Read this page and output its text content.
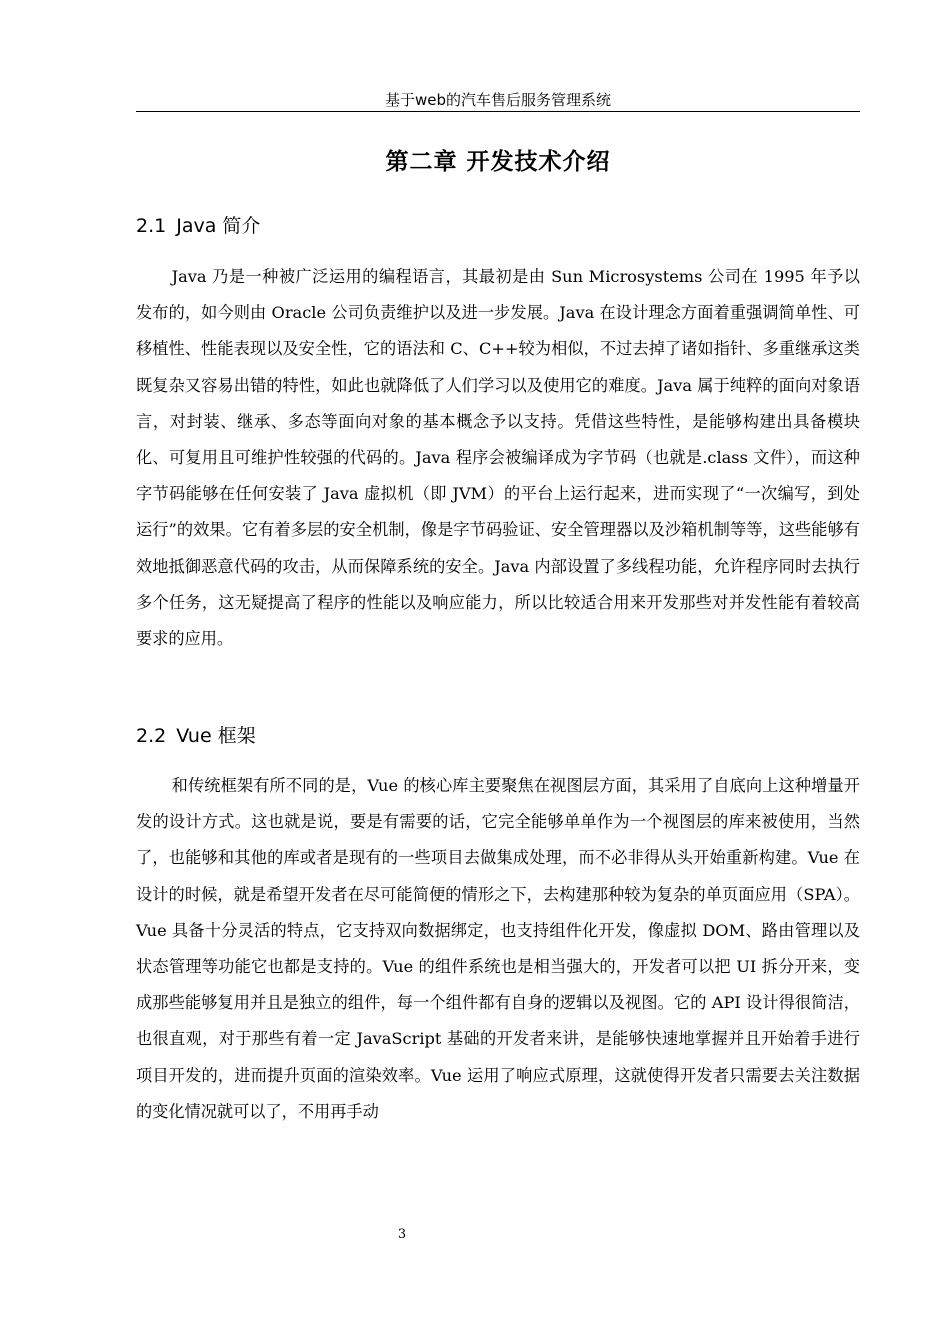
基于web的汽车售后服务管理系统
第二章 开发技术介绍
2.1 Java 简介

Java 乃是一种被广泛运用的编程语言，其最初是由 Sun Microsystems 公司在 1995 年予以发布的，如今则由 Oracle 公司负责维护以及进一步发展。Java 在设计理念方面着重强调简单性、可移植性、性能表现以及安全性，它的语法和 C、C++较为相似，不过去掉了诸如指针、多重继承这类既复杂又容易出错的特性，如此也就降低了人们学习以及使用它的难度。Java 属于纯粹的面向对象语言，对封装、继承、多态等面向对象的基本概念予以支持。凭借这些特性，是能够构建出具备模块化、可复用且可维护性较强的代码的。Java 程序会被编译成为字节码（也就是.class 文件），而这种字节码能够在任何安装了 Java 虚拟机（即 JVM）的平台上运行起来，进而实现了“一次编写，到处运行”的效果。它有着多层的安全机制，像是字节码验证、安全管理器以及沙箱机制等等，这些能够有效地抵御恶意代码的攻击，从而保障系统的安全。Java 内部设置了多线程功能，允许程序同时去执行多个任务，这无疑提高了程序的性能以及响应能力，所以比较适合用来开发那些对并发性能有着较高要求的应用。

2.2 Vue 框架

和传统框架有所不同的是，Vue 的核心库主要聚焦在视图层方面，其采用了自底向上这种增量开发的设计方式。这也就是说，要是有需要的话，它完全能够单单作为一个视图层的库来被使用，当然了，也能够和其他的库或者是现有的一些项目去做集成处理，而不必非得从头开始重新构建。Vue 在设计的时候，就是希望开发者在尽可能简便的情形之下，去构建那种较为复杂的单页面应用（SPA）。Vue 具备十分灵活的特点，它支持双向数据绑定，也支持组件化开发，像虚拟 DOM、路由管理以及状态管理等功能它也都是支持的。Vue 的组件系统也是相当强大的，开发者可以把 UI 拆分开来，变成那些能够复用并且是独立的组件，每一个组件都有自身的逻辑以及视图。它的 API 设计得很简洁，也很直观，对于那些有着一定 JavaScript 基础的开发者来讲，是能够快速地掌握并且开始着手进行项目开发的，进而提升页面的渲染效率。Vue 运用了响应式原理，这就使得开发者只需要去关注数据的变化情况就可以了，不用再手动

3
